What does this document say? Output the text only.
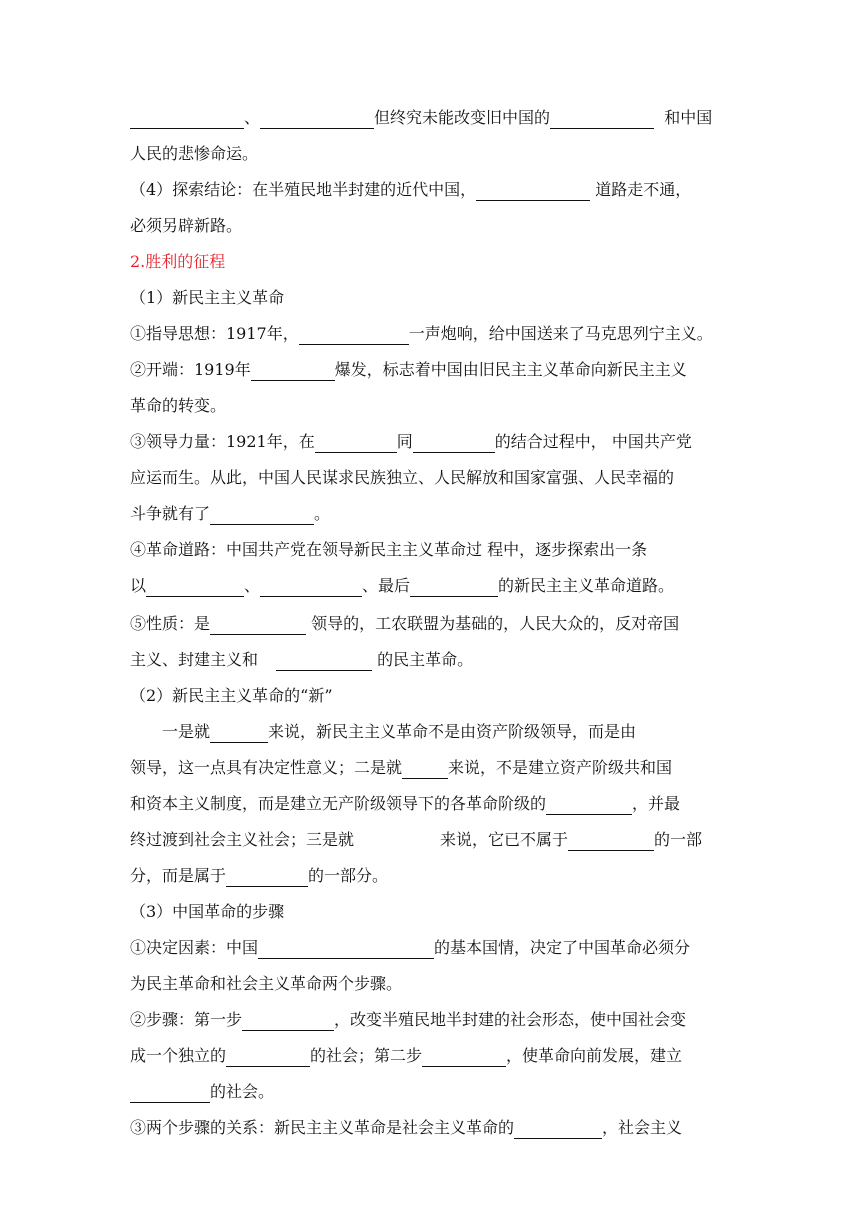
、	但终究未能改变旧中国的	和中国

人民的悲惨命运。

（4）探索结论：在半殖民地半封建的近代中国，	道路走不通，

必须另辟新路。

2.胜利的征程

（1）新民主主义革命

①指导思想：1917年，	一声炮响，给中国送来了马克思列宁主义。

②开端：1919年	爆发，标志着中国由旧民主主义革命向新民主主义

革命的转变。

③领导力量：1921年，在	同	的结合过程中， 中国共产党

应运而生。从此，中国人民谋求民族独立、人民解放和国家富强、人民幸福的

斗争就有了	。

④革命道路：中国共产党在领导新民主主义革命过 程中，逐步探索出一条

以	、	、最后	的新民主主义革命道路。

⑤性质：是	领导的，工农联盟为基础的，人民大众的，反对帝国

主义、封建主义和	的民主革命。

（2）新民主主义革命的“新”

一是就	来说，新民主主义革命不是由资产阶级领导，而是由

领导，这一点具有决定性意义；二是就	来说，不是建立资产阶级共和国

和资本主义制度，而是建立无产阶级领导下的各革命阶级的	，并最

终过渡到社会主义社会；三是就	来说，它已不属于	的一部

分，而是属于	的一部分。

（3）中国革命的步骤

①决定因素：中国	的基本国情，决定了中国革命必须分

为民主革命和社会主义革命两个步骤。

②步骤：第一步	，改变半殖民地半封建的社会形态，使中国社会变

成一个独立的	的社会；第二步	，使革命向前发展，建立

的社会。

③两个步骤的关系：新民主主义革命是社会主义革命的	，社会主义
